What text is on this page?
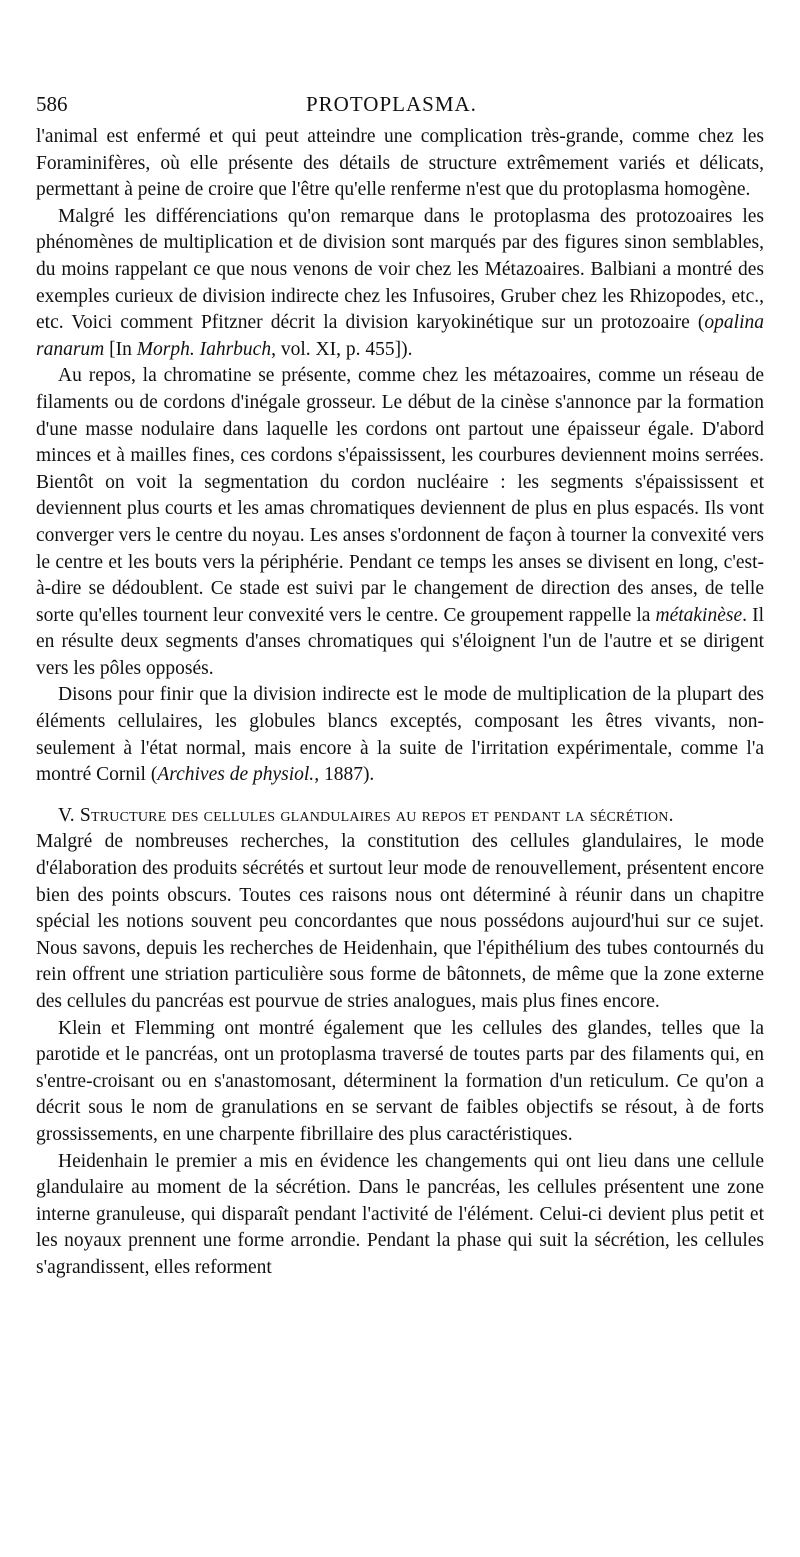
586	PROTOPLASMA.

l'animal est enfermé et qui peut atteindre une complication très-grande, comme chez les Foraminifères, où elle présente des détails de structure extrêmement variés et délicats, permettant à peine de croire que l'être qu'elle renferme n'est que du protoplasma homogène.

Malgré les différenciations qu'on remarque dans le protoplasma des protozoaires les phénomènes de multiplication et de division sont marqués par des figures sinon semblables, du moins rappelant ce que nous venons de voir chez les Métazoaires. Balbiani a montré des exemples curieux de division indirecte chez les Infusoires, Gruber chez les Rhizopodes, etc., etc. Voici comment Pfitzner décrit la division karyokinétique sur un protozoaire (opalina ranarum [In Morph. Iahrbuch, vol. XI, p. 455]).

Au repos, la chromatine se présente, comme chez les métazoaires, comme un réseau de filaments ou de cordons d'inégale grosseur. Le début de la cinèse s'annonce par la formation d'une masse nodulaire dans laquelle les cordons ont partout une épaisseur égale. D'abord minces et à mailles fines, ces cordons s'épaississent, les courbures deviennent moins serrées. Bientôt on voit la segmentation du cordon nucléaire : les segments s'épaississent et deviennent plus courts et les amas chromatiques deviennent de plus en plus espacés. Ils vont converger vers le centre du noyau. Les anses s'ordonnent de façon à tourner la convexité vers le centre et les bouts vers la périphérie. Pendant ce temps les anses se divisent en long, c'est-à-dire se dédoublent. Ce stade est suivi par le changement de direction des anses, de telle sorte qu'elles tournent leur convexité vers le centre. Ce groupement rappelle la métakinèse. Il en résulte deux segments d'anses chromatiques qui s'éloignent l'un de l'autre et se dirigent vers les pôles opposés.

Disons pour finir que la division indirecte est le mode de multiplication de la plupart des éléments cellulaires, les globules blancs exceptés, composant les êtres vivants, non-seulement à l'état normal, mais encore à la suite de l'irritation expérimentale, comme l'a montré Cornil (Archives de physiol., 1887).

V. Structure des cellules glandulaires au repos et pendant la sécrétion.

Malgré de nombreuses recherches, la constitution des cellules glandulaires, le mode d'élaboration des produits sécrétés et surtout leur mode de renouvellement, présentent encore bien des points obscurs. Toutes ces raisons nous ont déterminé à réunir dans un chapitre spécial les notions souvent peu concordantes que nous possédons aujourd'hui sur ce sujet. Nous savons, depuis les recherches de Heidenhain, que l'épithélium des tubes contournés du rein offrent une striation particulière sous forme de bâtonnets, de même que la zone externe des cellules du pancréas est pourvue de stries analogues, mais plus fines encore.

Klein et Flemming ont montré également que les cellules des glandes, telles que la parotide et le pancréas, ont un protoplasma traversé de toutes parts par des filaments qui, en s'entre-croisant ou en s'anastomosant, déterminent la formation d'un reticulum. Ce qu'on a décrit sous le nom de granulations en se servant de faibles objectifs se résout, à de forts grossissements, en une charpente fibrillaire des plus caractéristiques.

Heidenhain le premier a mis en évidence les changements qui ont lieu dans une cellule glandulaire au moment de la sécrétion. Dans le pancréas, les cellules présentent une zone interne granuleuse, qui disparaît pendant l'activité de l'élément. Celui-ci devient plus petit et les noyaux prennent une forme arrondie. Pendant la phase qui suit la sécrétion, les cellules s'agrandissent, elles reforment
